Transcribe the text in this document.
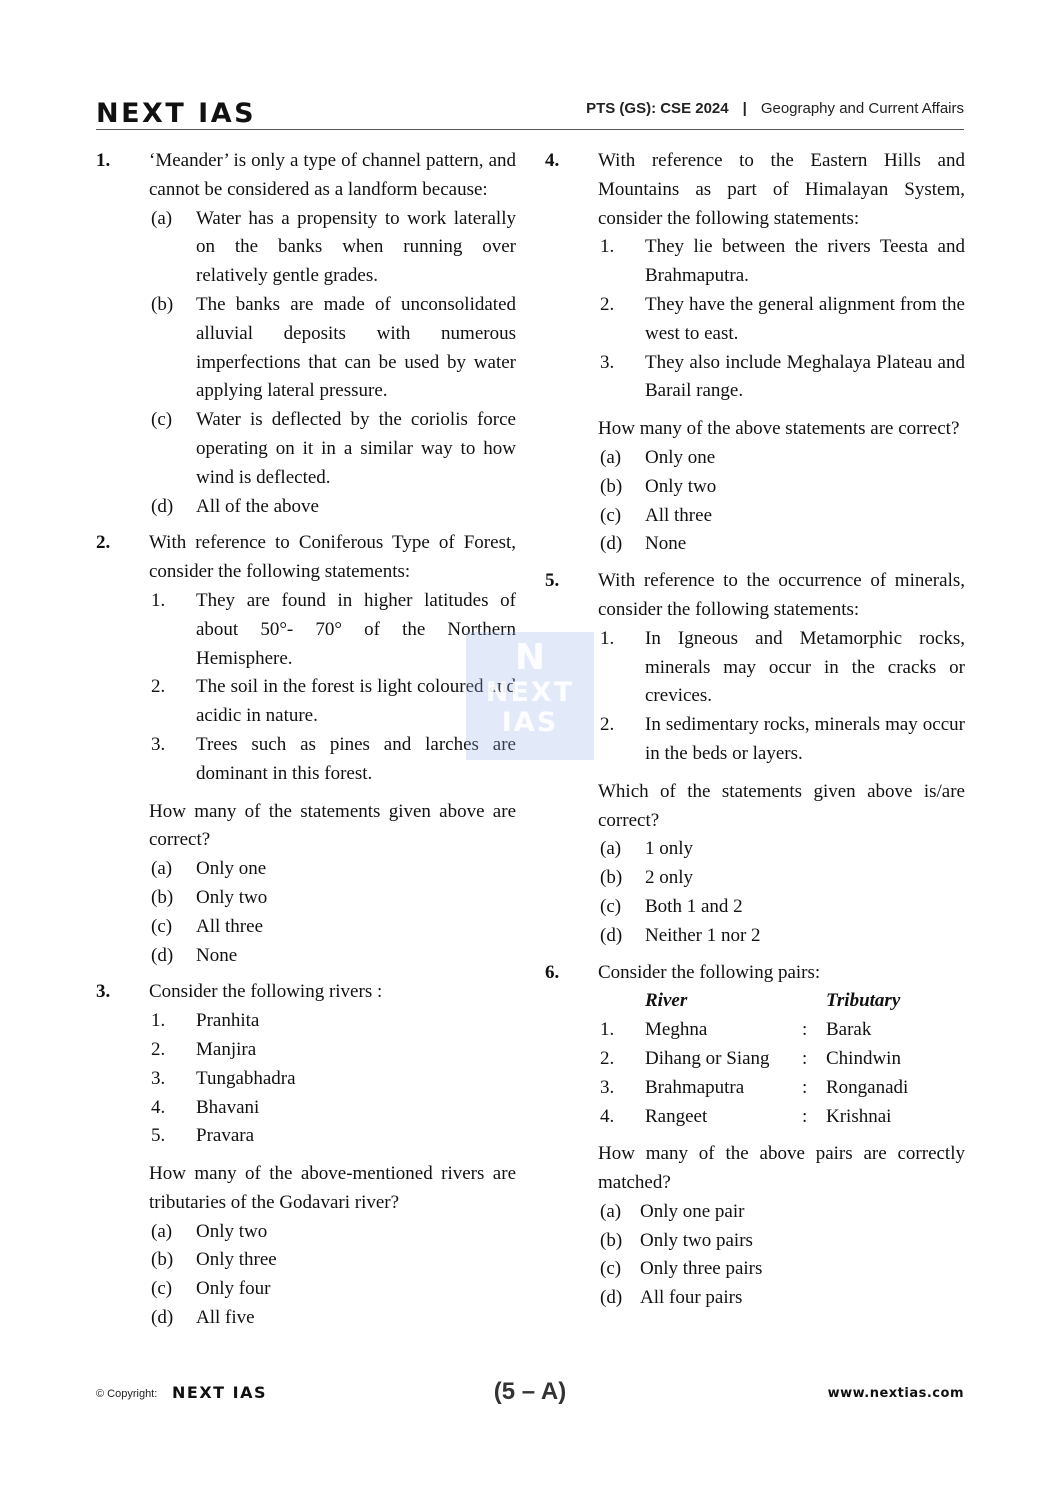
NEXT IAS	PTS (GS): CSE 2024 | Geography and Current Affairs
1. ‘Meander’ is only a type of channel pattern, and cannot be considered as a landform because:
(a) Water has a propensity to work laterally on the banks when running over relatively gentle grades.
(b) The banks are made of unconsolidated alluvial deposits with numerous imperfections that can be used by water applying lateral pressure.
(c) Water is deflected by the coriolis force operating on it in a similar way to how wind is deflected.
(d) All of the above
2. With reference to Coniferous Type of Forest, consider the following statements:
1. They are found in higher latitudes of about 50°- 70° of the Northern Hemisphere.
2. The soil in the forest is light coloured and acidic in nature.
3. Trees such as pines and larches are dominant in this forest.
How many of the statements given above are correct?
(a) Only one
(b) Only two
(c) All three
(d) None
3. Consider the following rivers :
1. Pranhita
2. Manjira
3. Tungabhadra
4. Bhavani
5. Pravara
How many of the above-mentioned rivers are tributaries of the Godavari river?
(a) Only two
(b) Only three
(c) Only four
(d) All five
4. With reference to the Eastern Hills and Mountains as part of Himalayan System, consider the following statements:
1. They lie between the rivers Teesta and Brahmaputra.
2. They have the general alignment from the west to east.
3. They also include Meghalaya Plateau and Barail range.
How many of the above statements are correct?
(a) Only one
(b) Only two
(c) All three
(d) None
5. With reference to the occurrence of minerals, consider the following statements:
1. In Igneous and Metamorphic rocks, minerals may occur in the cracks or crevices.
2. In sedimentary rocks, minerals may occur in the beds or layers.
Which of the statements given above is/are correct?
(a) 1 only
(b) 2 only
(c) Both 1 and 2
(d) Neither 1 nor 2
6. Consider the following pairs:
River	Tributary
1. Meghna	: Barak
2. Dihang or Siang : Chindwin
3. Brahmaputra	: Ronganadi
4. Rangeet	: Krishnai
How many of the above pairs are correctly matched?
(a) Only one pair
(b) Only two pairs
(c) Only three pairs
(d) All four pairs
N
NEXT
IAS
© Copyright: NEXT IAS	(5 – A)	www.nextias.com
